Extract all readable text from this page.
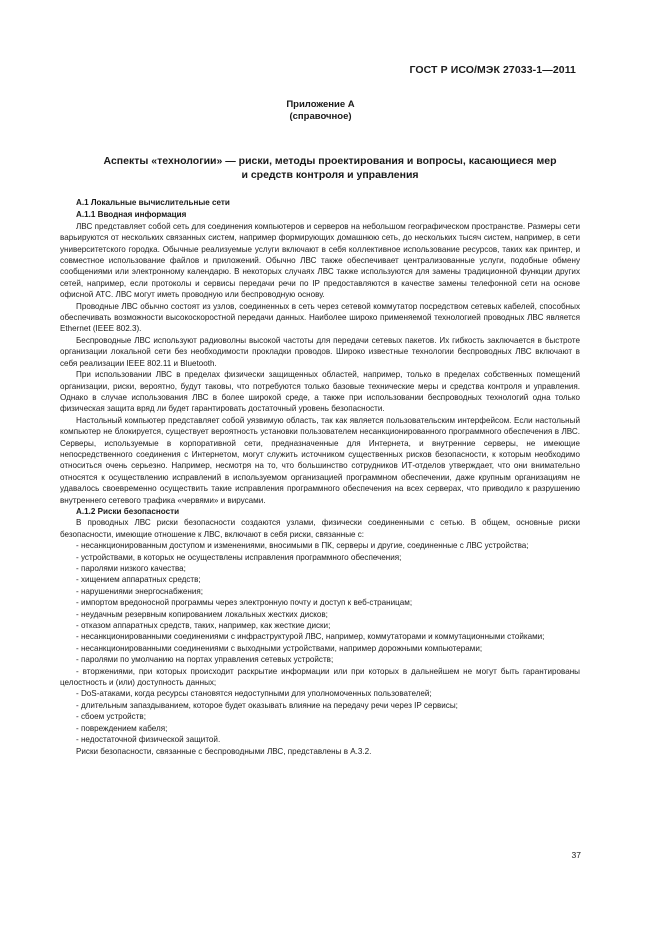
ГОСТ Р ИСО/МЭК 27033-1—2011
Приложение А
(справочное)
Аспекты «технологии» — риски, методы проектирования и вопросы, касающиеся мер
и средств контроля и управления
А.1 Локальные вычислительные сети
А.1.1 Вводная информация

ЛВС представляет собой сеть для соединения компьютеров и серверов на небольшом географическом пространстве. Размеры сети варьируются от нескольких связанных систем, например формирующих домашнюю сеть, до нескольких тысяч систем, например, в сети университетского городка. Обычные реализуемые услуги включают в себя коллективное использование ресурсов, таких как принтер, и совместное использование файлов и приложений. Обычно ЛВС также обеспечивает централизованные услуги, подобные обмену сообщениями или электронному календарю. В некоторых случаях ЛВС также используются для замены традиционной функции других сетей, например, если протоколы и сервисы передачи речи по IP предоставляются в качестве замены телефонной сети на основе офисной АТС. ЛВС могут иметь проводную или беспроводную основу.

Проводные ЛВС обычно состоят из узлов, соединенных в сеть через сетевой коммутатор посредством сетевых кабелей, способных обеспечивать возможности высокоскоростной передачи данных. Наиболее широко применяемой технологией проводных ЛВС является Ethernet (IEEE 802.3).

Беспроводные ЛВС используют радиоволны высокой частоты для передачи сетевых пакетов. Их гибкость заключается в быстроте организации локальной сети без необходимости прокладки проводов. Широко известные технологии беспроводных ЛВС включают в себя реализации IEEE 802.11 и Bluetooth.

При использовании ЛВС в пределах физически защищенных областей, например, только в пределах собственных помещений организации, риски, вероятно, будут таковы, что потребуются только базовые технические меры и средства контроля и управления. Однако в случае использования ЛВС в более широкой среде, а также при использовании беспроводных технологий одна только физическая защита вряд ли будет гарантировать достаточный уровень безопасности.

Настольный компьютер представляет собой уязвимую область, так как является пользовательским интерфейсом. Если настольный компьютер не блокируется, существует вероятность установки пользователем несанкционированного программного обеспечения в ЛВС. Серверы, используемые в корпоративной сети, предназначенные для Интернета, и внутренние серверы, не имеющие непосредственного соединения с Интернетом, могут служить источником существенных рисков безопасности, к которым необходимо относиться очень серьезно. Например, несмотря на то, что большинство сотрудников ИТ-отделов утверждает, что они внимательно относятся к осуществлению исправлений в используемом организацией программном обеспечении, даже крупным организациям не удавалось своевременно осуществить такие исправления программного обеспечения на всех серверах, что приводило к разрушению внутреннего сетевого трафика «червями» и вирусами.

А.1.2 Риски безопасности

В проводных ЛВС риски безопасности создаются узлами, физически соединенными с сетью. В общем, основные риски безопасности, имеющие отношение к ЛВС, включают в себя риски, связанные с:

- несанкционированным доступом и изменениями, вносимыми в ПК, серверы и другие, соединенные с ЛВС устройства;
- устройствами, в которых не осуществлены исправления программного обеспечения;
- паролями низкого качества;
- хищением аппаратных средств;
- нарушениями энергоснабжения;
- импортом вредоносной программы через электронную почту и доступ к веб-страницам;
- неудачным резервным копированием локальных жестких дисков;
- отказом аппаратных средств, таких, например, как жесткие диски;
- несанкционированными соединениями с инфраструктурой ЛВС, например, коммутаторами и коммутационными стойками;
- несанкционированными соединениями с выходными устройствами, например дорожными компьютерами;
- паролями по умолчанию на портах управления сетевых устройств;
- вторжениями, при которых происходит раскрытие информации или при которых в дальнейшем не могут быть гарантированы целостность и (или) доступность данных;
- DoS-атаками, когда ресурсы становятся недоступными для уполномоченных пользователей;
- длительным запаздыванием, которое будет оказывать влияние на передачу речи через IP сервисы;
- сбоем устройств;
- повреждением кабеля;
- недостаточной физической защитой.

Риски безопасности, связанные с беспроводными ЛВС, представлены в А.3.2.

37
